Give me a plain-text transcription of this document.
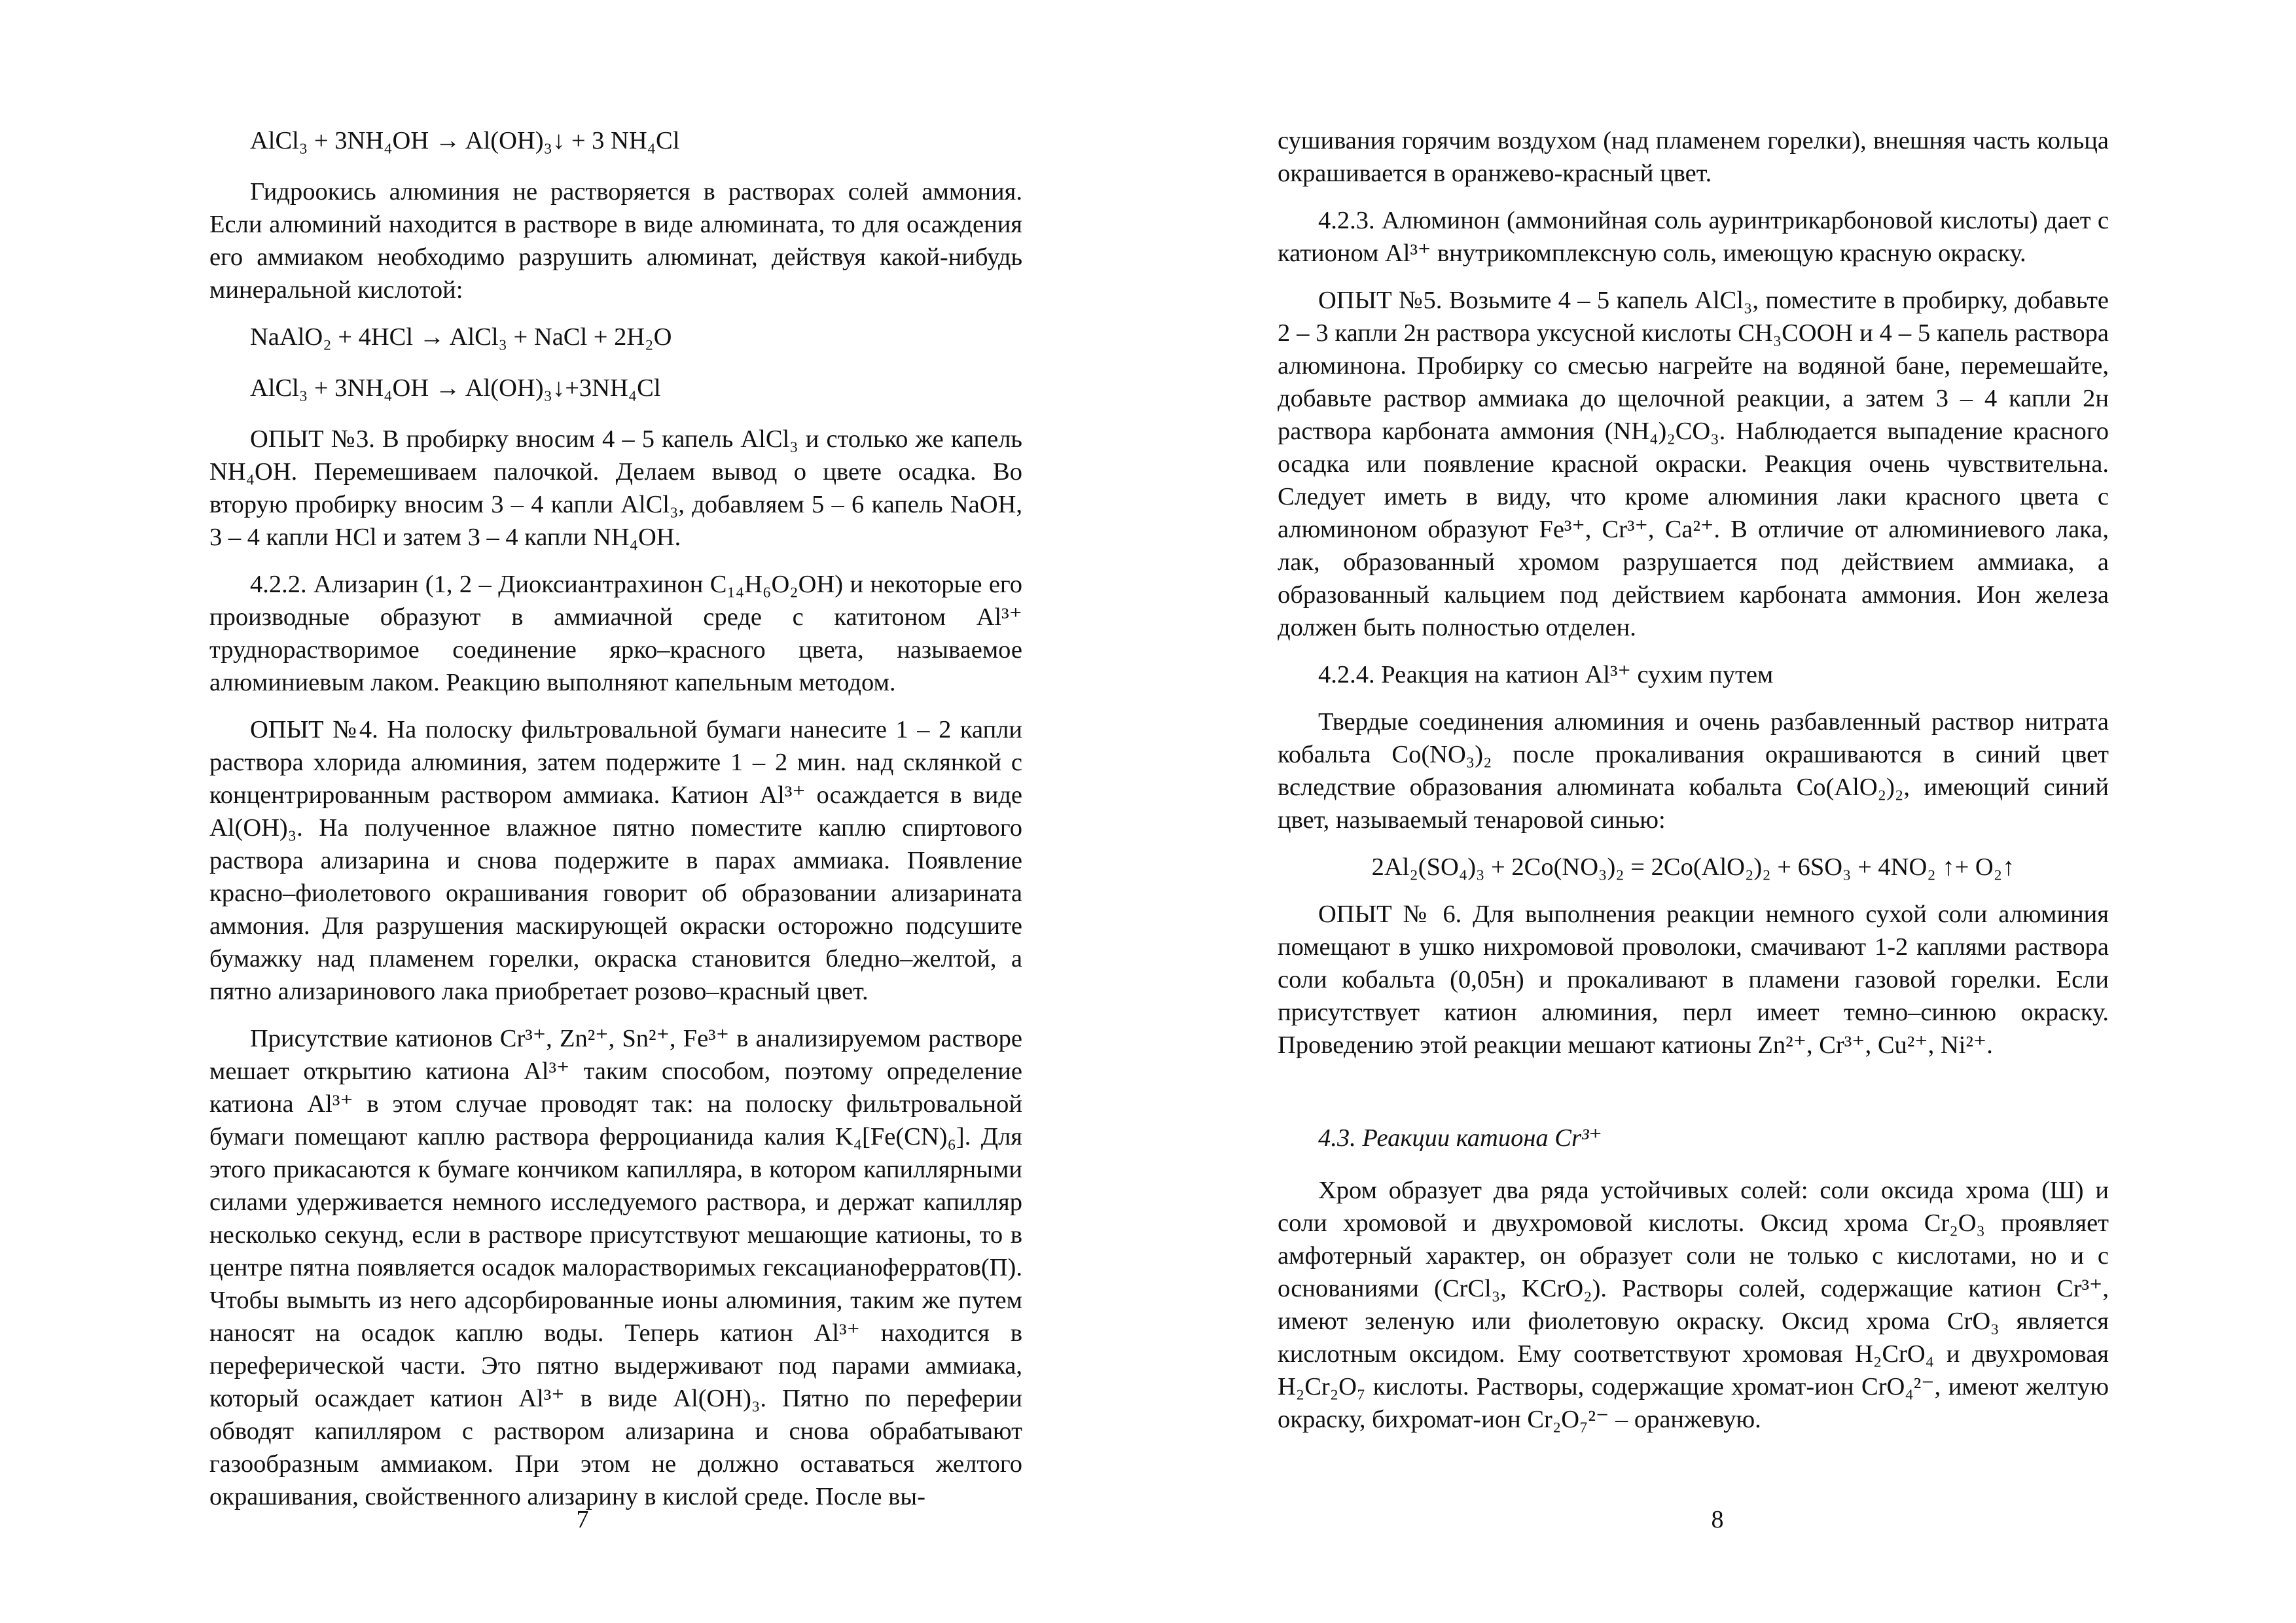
AlCl₃ + 3NH₄OH → Al(OH)₃↓ + 3 NH₄Cl

Гидроокись алюминия не растворяется в растворах солей аммония. Если алюминий находится в растворе в виде алюмината, то для осаждения его аммиаком необходимо разрушить алюминат, действуя какой-нибудь минеральной кислотой:

NaAlO₂ + 4HCl → AlCl₃ + NaCl + 2H₂O

AlCl₃ + 3NH₄OH → Al(OH)₃↓+3NH₄Cl

ОПЫТ №3. В пробирку вносим 4 – 5 капель AlCl₃ и столько же капель NH₄OH. Перемешиваем палочкой. Делаем вывод о цвете осадка. Во вторую пробирку вносим 3 – 4 капли AlCl₃, добавляем 5 – 6 капель NaOH, 3 – 4 капли HCl и затем 3 – 4 капли NH₄OH.

4.2.2. Ализарин (1, 2 – Диоксиантрахинон C₁₄H₆O₂OH) и некоторые его производные образуют в аммиачной среде с катитоном Al³⁺ труднорастворимое соединение ярко–красного цвета, называемое алюминиевым лаком. Реакцию выполняют капельным методом.

ОПЫТ №4. На полоску фильтровальной бумаги нанесите 1 – 2 капли раствора хлорида алюминия, затем подержите 1 – 2 мин. над склянкой с концентрированным раствором аммиака. Катион Al³⁺ осаждается в виде Al(OH)₃. На полученное влажное пятно поместите каплю спиртового раствора ализарина и снова подержите в парах аммиака. Появление красно–фиолетового окрашивания говорит об образовании ализарината аммония. Для разрушения маскирующей окраски осторожно подсушите бумажку над пламенем горелки, окраска становится бледно–желтой, а пятно ализаринового лака приобретает розово–красный цвет.

Присутствие катионов Cr³⁺, Zn²⁺, Sn²⁺, Fe³⁺ в анализируемом растворе мешает открытию катиона Al³⁺ таким способом, поэтому определение катиона Al³⁺ в этом случае проводят так: на полоску фильтровальной бумаги помещают каплю раствора ферроцианида калия K₄[Fe(CN)₆]. Для этого прикасаются к бумаге кончиком капилляра, в котором капиллярными силами удерживается немного исследуемого раствора, и держат капилляр несколько секунд, если в растворе присутствуют мешающие катионы, то в центре пятна появляется осадок малорастворимых гексацианоферратов(П). Чтобы вымыть из него адсорбированные ионы алюминия, таким же путем наносят на осадок каплю воды. Теперь катион Al³⁺ находится в переферической части. Это пятно выдерживают под парами аммиака, который осаждает катион Al³⁺ в виде Al(OH)₃. Пятно по переферии обводят капилляром с раствором ализарина и снова обрабатывают газообразным аммиаком. При этом не должно оставаться желтого окрашивания, свойственного ализарину в кислой среде. После вы-

7

сушивания горячим воздухом (над пламенем горелки), внешняя часть кольца окрашивается в оранжево-красный цвет.

4.2.3. Алюминон (аммонийная соль ауринтрикарбоновой кислоты) дает с катионом Al³⁺ внутрикомплексную соль, имеющую красную окраску.

ОПЫТ №5. Возьмите 4 – 5 капель AlCl₃, поместите в пробирку, добавьте 2 – 3 капли 2н раствора уксусной кислоты CH₃COOH и 4 – 5 капель раствора алюминона. Пробирку со смесью нагрейте на водяной бане, перемешайте, добавьте раствор аммиака до щелочной реакции, а затем 3 – 4 капли 2н раствора карбоната аммония (NH₄)₂CO₃. Наблюдается выпадение красного осадка или появление красной окраски. Реакция очень чувствительна. Следует иметь в виду, что кроме алюминия лаки красного цвета с алюминоном образуют Fe³⁺, Cr³⁺, Ca²⁺. В отличие от алюминиевого лака, лак, образованный хромом разрушается под действием аммиака, а образованный кальцием под действием карбоната аммония. Ион железа должен быть полностью отделен.

4.2.4. Реакция на катион Al³⁺ сухим путем

Твердые соединения алюминия и очень разбавленный раствор нитрата кобальта Co(NO₃)₂ после прокаливания окрашиваются в синий цвет вследствие образования алюмината кобальта Co(AlO₂)₂, имеющий синий цвет, называемый тенаровой синью:

2Al₂(SO₄)₃ + 2Co(NO₃)₂ = 2Co(AlO₂)₂ + 6SO₃ + 4NO₂ ↑+ O₂↑

ОПЫТ № 6. Для выполнения реакции немного сухой соли алюминия помещают в ушко нихромовой проволоки, смачивают 1-2 каплями раствора соли кобальта (0,05н) и прокаливают в пламени газовой горелки. Если присутствует катион алюминия, перл имеет темно–синюю окраску. Проведению этой реакции мешают катионы Zn²⁺, Cr³⁺, Cu²⁺, Ni²⁺.

4.3. Реакции катиона Cr³⁺

Хром образует два ряда устойчивых солей: соли оксида хрома (Ш) и соли хромовой и двухромовой кислоты. Оксид хрома Cr₂O₃ проявляет амфотерный характер, он образует соли не только с кислотами, но и с основаниями (CrCl₃, KCrO₂). Растворы солей, содержащие катион Cr³⁺, имеют зеленую или фиолетовую окраску. Оксид хрома CrO₃ является кислотным оксидом. Ему соответствуют хромовая H₂CrO₄ и двухромовая H₂Cr₂O₇ кислоты. Растворы, содержащие хромат-ион CrO₄²⁻, имеют желтую окраску, бихромат-ион Cr₂O₇²⁻ – оранжевую.

8
